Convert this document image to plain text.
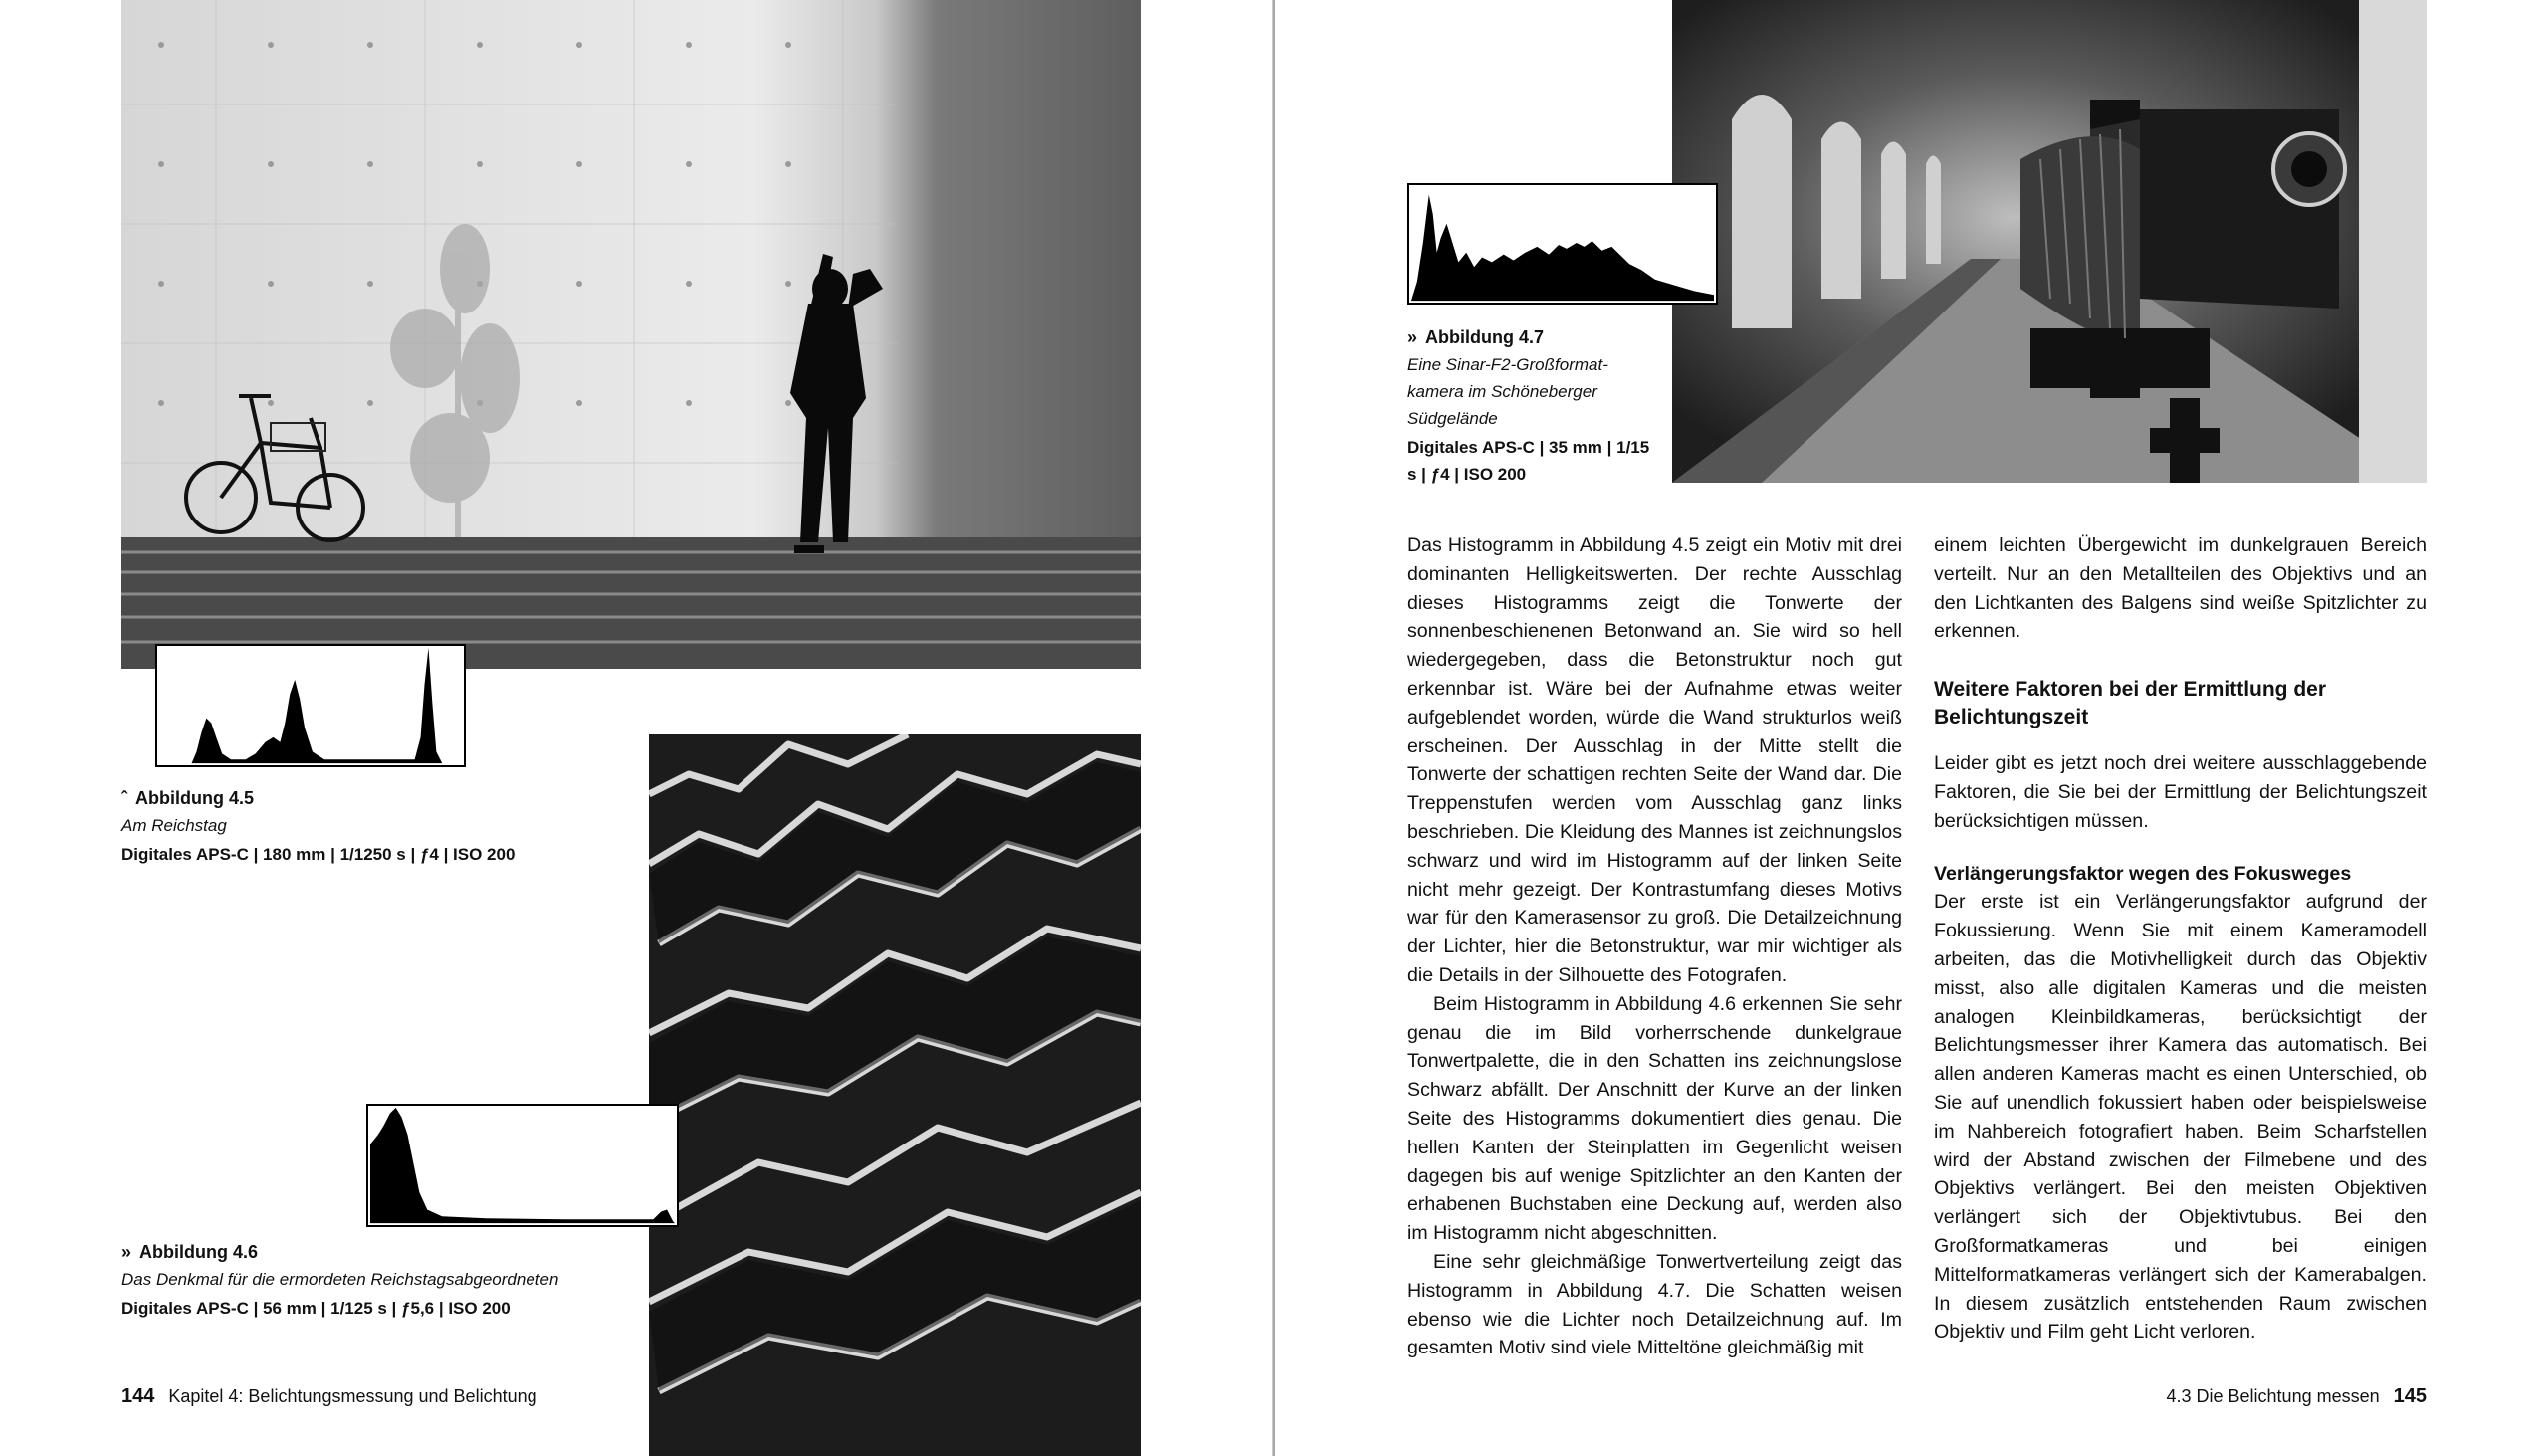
ˆ Abbildung 4.5
Am Reichstag
Digitales APS-C | 180 mm | 1/1250 s | ƒ4 | ISO 200
» Abbildung 4.6
Das Denkmal für die ermordeten Reichstagsabgeordneten
Digitales APS-C | 56 mm | 1/125 s | ƒ5,6 | ISO 200
144 Kapitel 4: Belichtungsmessung und Belichtung
» Abbildung 4.7
Eine Sinar-F2-Großformat-kamera im Schöneberger Südgelände
Digitales APS-C | 35 mm | 1/15 s | ƒ4 | ISO 200

Das Histogramm in Abbildung 4.5 zeigt ein Motiv mit drei dominanten Helligkeitswerten. Der rechte Ausschlag dieses Histogramms zeigt die Tonwerte der sonnenbeschienenen Betonwand an. Sie wird so hell wiedergegeben, dass die Betonstruktur noch gut erkennbar ist. Wäre bei der Aufnahme etwas weiter aufgeblendet worden, würde die Wand strukturlos weiß erscheinen. Der Ausschlag in der Mitte stellt die Tonwerte der schattigen rechten Seite der Wand dar. Die Treppenstufen werden vom Ausschlag ganz links beschrieben. Die Kleidung des Mannes ist zeichnungslos schwarz und wird im Histogramm auf der linken Seite nicht mehr gezeigt. Der Kontrastumfang dieses Motivs war für den Kamerasensor zu groß. Die Detailzeichnung der Lichter, hier die Betonstruktur, war mir wichtiger als die Details in der Silhouette des Fotografen.

Beim Histogramm in Abbildung 4.6 erkennen Sie sehr genau die im Bild vorherrschende dunkelgraue Tonwertpalette, die in den Schatten ins zeichnungslose Schwarz abfällt. Der Anschnitt der Kurve an der linken Seite des Histogramms dokumentiert dies genau. Die hellen Kanten der Steinplatten im Gegenlicht weisen dagegen bis auf wenige Spitzlichter an den Kanten der erhabenen Buchstaben eine Deckung auf, werden also im Histogramm nicht abgeschnitten.

Eine sehr gleichmäßige Tonwertverteilung zeigt das Histogramm in Abbildung 4.7. Die Schatten weisen ebenso wie die Lichter noch Detailzeichnung auf. Im gesamten Motiv sind viele Mitteltöne gleichmäßig mit

einem leichten Übergewicht im dunkelgrauen Bereich verteilt. Nur an den Metallteilen des Objektivs und an den Lichtkanten des Balgens sind weiße Spitzlichter zu erkennen.

Weitere Faktoren bei der Ermittlung der Belichtungszeit

Leider gibt es jetzt noch drei weitere ausschlaggebende Faktoren, die Sie bei der Ermittlung der Belichtungszeit berücksichtigen müssen.

Verlängerungsfaktor wegen des Fokusweges

Der erste ist ein Verlängerungsfaktor aufgrund der Fokussierung. Wenn Sie mit einem Kameramodell arbeiten, das die Motivhelligkeit durch das Objektiv misst, also alle digitalen Kameras und die meisten analogen Kleinbildkameras, berücksichtigt der Belichtungsmesser ihrer Kamera das automatisch. Bei allen anderen Kameras macht es einen Unterschied, ob Sie auf unendlich fokussiert haben oder beispielsweise im Nahbereich fotografiert haben. Beim Scharfstellen wird der Abstand zwischen der Filmebene und des Objektivs verlängert. Bei den meisten Objektiven verlängert sich der Objektivtubus. Bei den Großformatkameras und bei einigen Mittelformatkameras verlängert sich der Kamerabalgen. In diesem zusätzlich entstehenden Raum zwischen Objektiv und Film geht Licht verloren.

4.3 Die Belichtung messen 145
